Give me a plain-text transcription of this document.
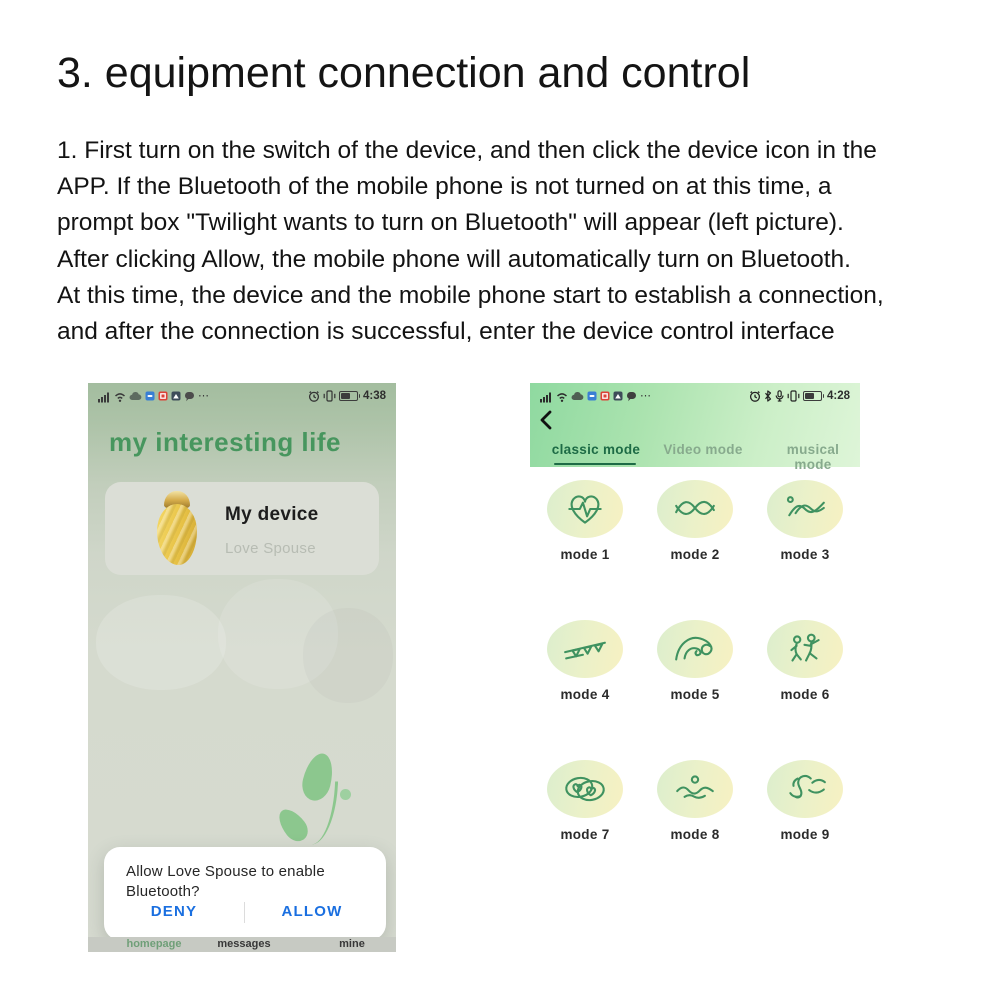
3. equipment connection and control
1. First turn on the switch of the device, and then click the device icon in the
APP. If the Bluetooth of the mobile phone is not turned on at this time, a
prompt box "Twilight wants to turn on Bluetooth" will appear (left picture).
After clicking Allow, the mobile phone will automatically turn on Bluetooth.
At this time, the device and the mobile phone start to establish a connection,
and after the connection is successful, enter the device control interface
⋯	4:38
my interesting life
My device
Love Spouse
Allow Love Spouse to enable Bluetooth?
DENY	ALLOW
homepage	messages	mine
⋯	4:28
classic mode	Video mode	musical mode
mode 1	mode 2	mode 3
mode 4	mode 5	mode 6
mode 7	mode 8	mode 9
